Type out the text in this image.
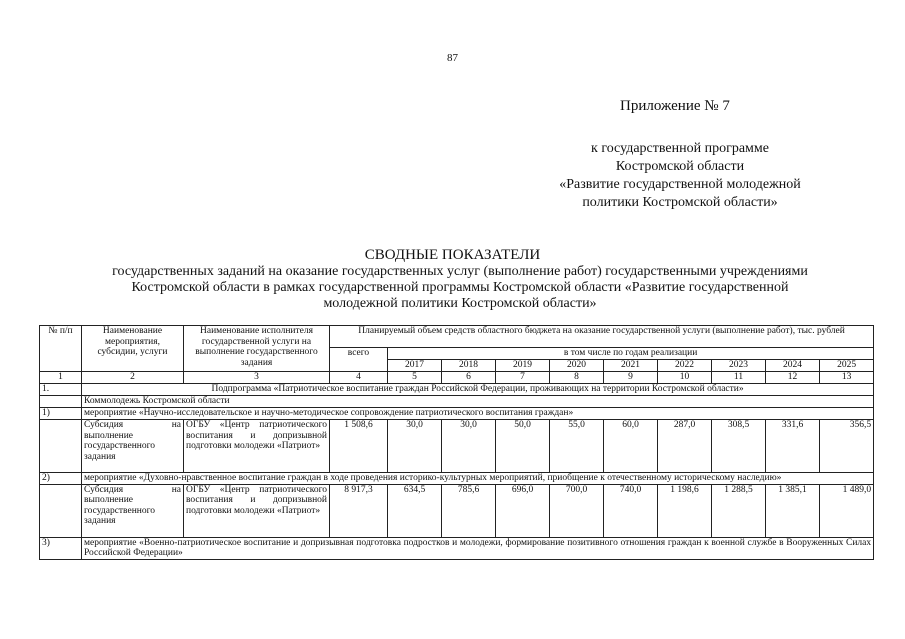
87
Приложение № 7
к государственной программе
Костромской области
«Развитие государственной молодежной
политики Костромской области»
СВОДНЫЕ ПОКАЗАТЕЛИ
государственных заданий на оказание государственных услуг (выполнение работ) государственными учреждениями
Костромской области в рамках государственной программы Костромской области «Развитие государственной
молодежной политики Костромской области»
№ п/п	Наименование мероприятия, субсидии, услуги	Наименование исполнителя государственной услуги на выполнение государственного задания	Планируемый объем средств областного бюджета на оказание государственной услуги (выполнение работ), тыс. рублей									
			всего	в том числе по годам реализации								
				2017	2018	2019	2020	2021	2022	2023	2024	2025
1	2	3	4	5	6	7	8	9	10	11	12	13
1.	Подпрограмма «Патриотическое воспитание граждан Российской Федерации, проживающих на территории Костромской области»											
	Коммолодежь Костромской области											
1)	мероприятие «Научно-исследовательское и научно-методическое сопровождение патриотического воспитания граждан»											
	Субсидия на выполнение государственного задания	ОГБУ «Центр патриотического воспитания и допризывной подготовки молодежи «Патриот»	1 508,6	30,0	30,0	50,0	55,0	60,0	287,0	308,5	331,6	356,5
2)	мероприятие «Духовно-нравственное воспитание граждан в ходе проведения историко-культурных мероприятий, приобщение к отечественному историческому наследию»											
	Субсидия на выполнение государственного задания	ОГБУ «Центр патриотического воспитания и допризывной подготовки молодежи «Патриот»	8 917,3	634,5	785,6	696,0	700,0	740,0	1 198,6	1 288,5	1 385,1	1 489,0
3)	мероприятие «Военно-патриотическое воспитание и допризывная подготовка подростков и молодежи, формирование позитивного отношения граждан к военной службе в Вооруженных Силах Российской Федерации»											
